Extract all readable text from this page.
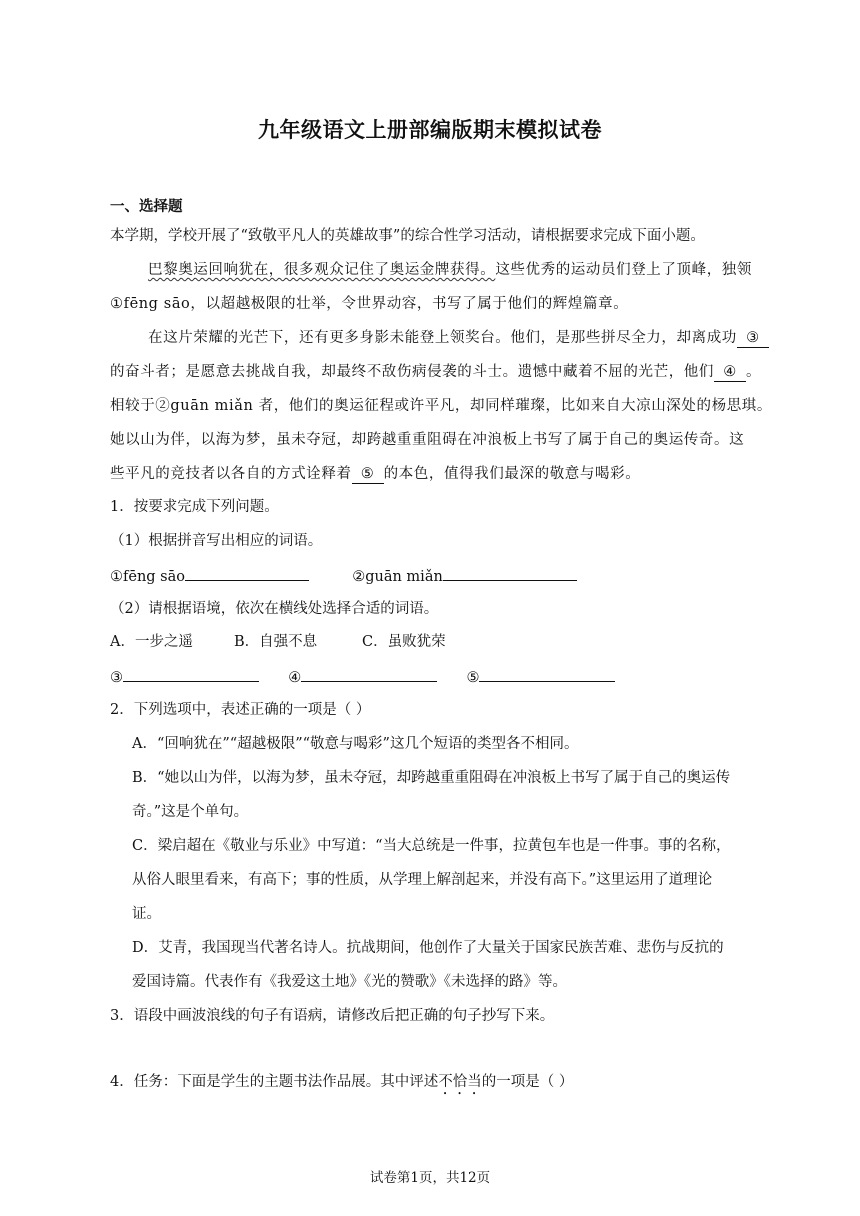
九年级语文上册部编版期末模拟试卷
一、选择题
本学期，学校开展了“致敬平凡人的英雄故事”的综合性学习活动，请根据要求完成下面小题。
巴黎奥运回响犹在，很多观众记住了奥运金牌获得。这些优秀的运动员们登上了顶峰，独领
①fēng sāo，以超越极限的壮举，令世界动容，书写了属于他们的辉煌篇章。
在这片荣耀的光芒下，还有更多身影未能登上领奖台。他们，是那些拼尽全力，却离成功 ③
的奋斗者；是愿意去挑战自我，却最终不敌伤病侵袭的斗士。遗憾中藏着不屈的光芒，他们 ④ 。
相较于②guān miǎn 者，他们的奥运征程或许平凡，却同样璀璨，比如来自大凉山深处的杨思琪。
她以山为伴，以海为梦，虽未夺冠，却跨越重重阻碍在冲浪板上书写了属于自己的奥运传奇。这
些平凡的竞技者以各自的方式诠释着 ⑤ 的本色，值得我们最深的敬意与喝彩。
1．按要求完成下列问题。
（1）根据拼音写出相应的词语。
①fēng sāo	②guān miǎn
（2）请根据语境，依次在横线处选择合适的词语。
A．一步之遥	B．自强不息	C．虽败犹荣
③	④	⑤
2．下列选项中，表述正确的一项是（ ）
A．“回响犹在”“超越极限”“敬意与喝彩”这几个短语的类型各不相同。
B．“她以山为伴，以海为梦，虽未夺冠，却跨越重重阻碍在冲浪板上书写了属于自己的奥运传
奇。”这是个单句。
C．梁启超在《敬业与乐业》中写道：“当大总统是一件事，拉黄包车也是一件事。事的名称，
从俗人眼里看来，有高下；事的性质，从学理上解剖起来，并没有高下。”这里运用了道理论
证。
D．艾青，我国现当代著名诗人。抗战期间，他创作了大量关于国家民族苦难、悲伤与反抗的
爱国诗篇。代表作有《我爱这土地》《光的赞歌》《未选择的路》等。
3．语段中画波浪线的句子有语病，请修改后把正确的句子抄写下来。
4．任务：下面是学生的主题书法作品展。其中评述不恰当的一项是（ ）
试卷第1页，共12页
